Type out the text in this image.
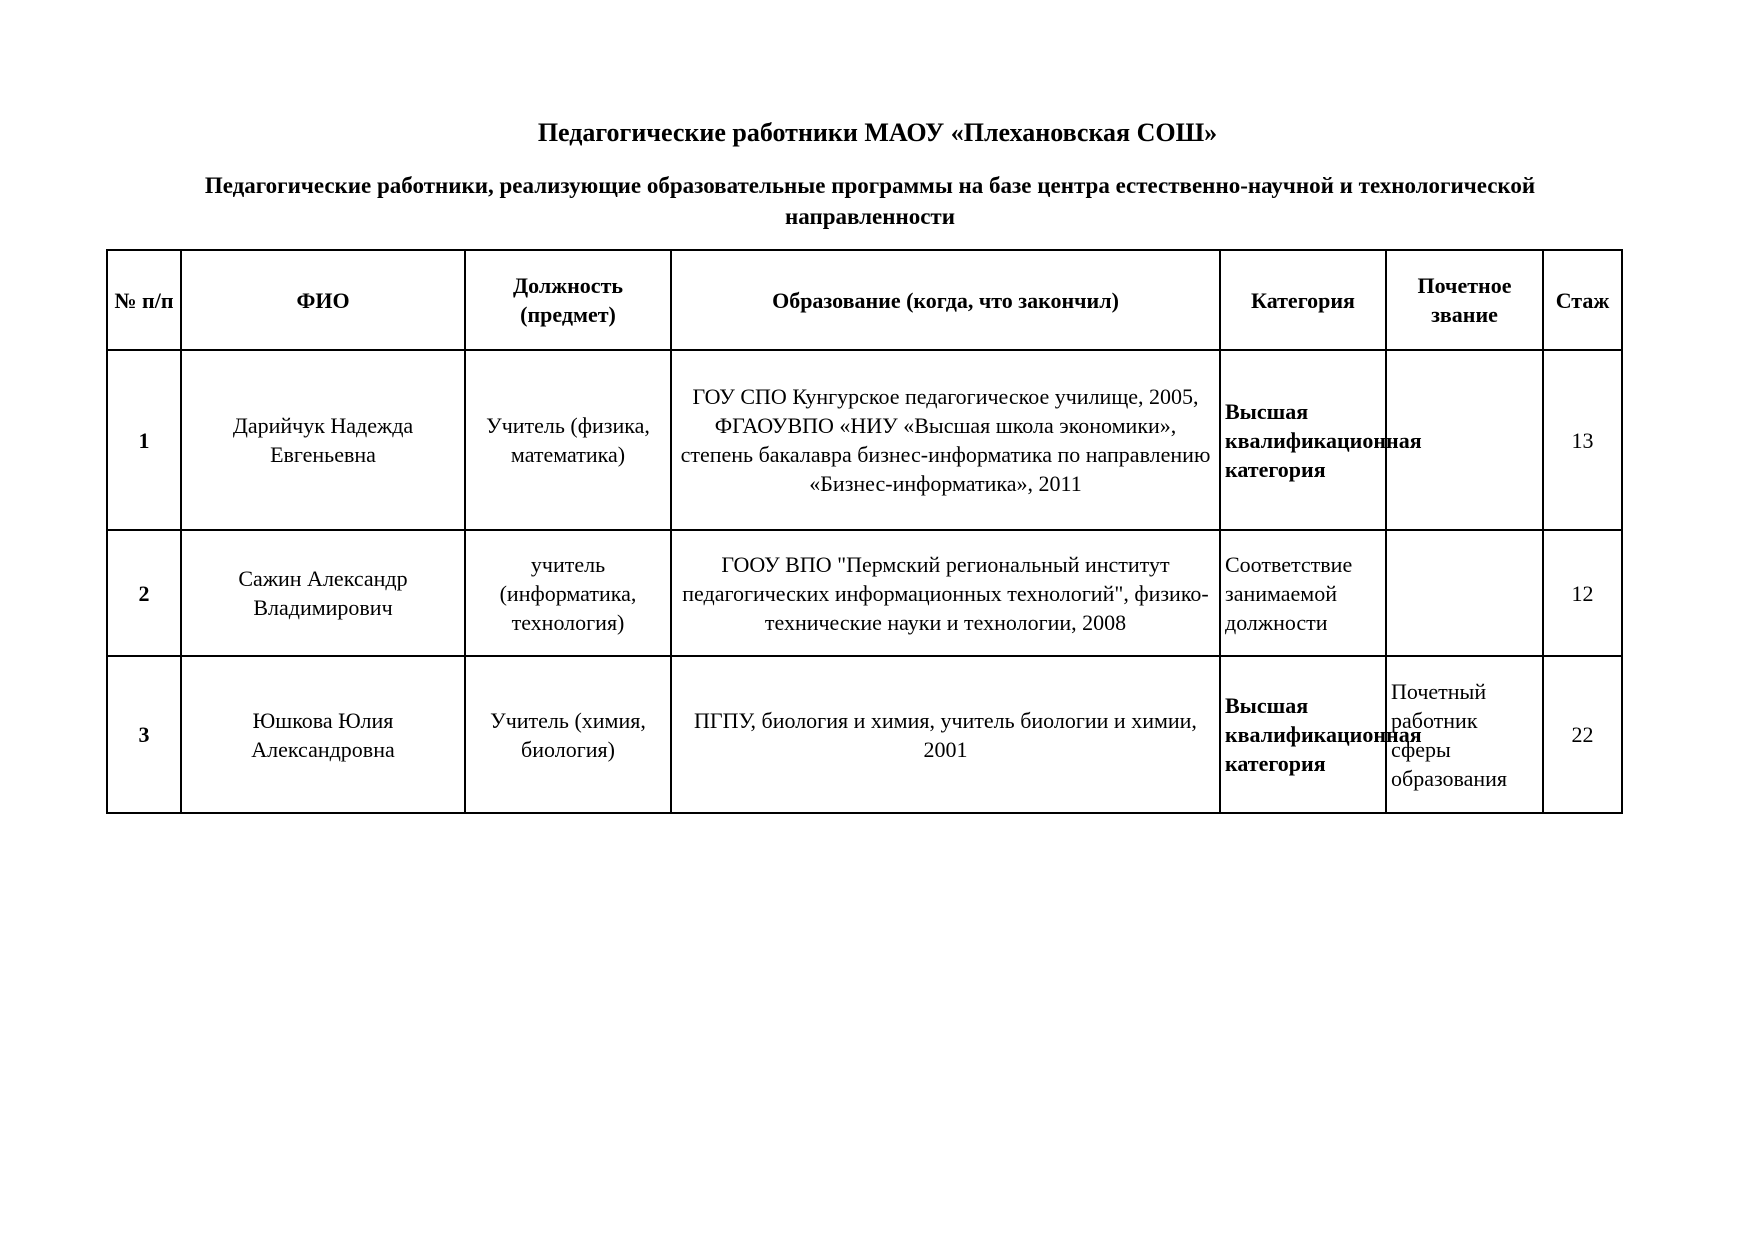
Педагогические работники МАОУ «Плехановская СОШ»
Педагогические работники, реализующие образовательные программы на базе центра естественно-научной и технологической направленности
№ п/п	ФИО	Должность (предмет)	Образование (когда, что закончил)	Категория	Почетное звание	Стаж
1	Дарийчук Надежда Евгеньевна	Учитель (физика, математика)	ГОУ СПО Кунгурское педагогическое училище, 2005, ФГАОУВПО «НИУ «Высшая школа экономики», степень бакалавра бизнес-информатика по направлению «Бизнес-информатика», 2011	Высшая квалификационная категория		13
2	Сажин Александр Владимирович	учитель (информатика, технология)	ГООУ ВПО "Пермский региональный институт педагогических информационных технологий", физико-технические науки и технологии, 2008	Соответствие занимаемой должности		12
3	Юшкова Юлия Александровна	Учитель (химия, биология)	ПГПУ, биология и химия, учитель биологии и химии, 2001	Высшая квалификационная категория	Почетный работник сферы образования	22
